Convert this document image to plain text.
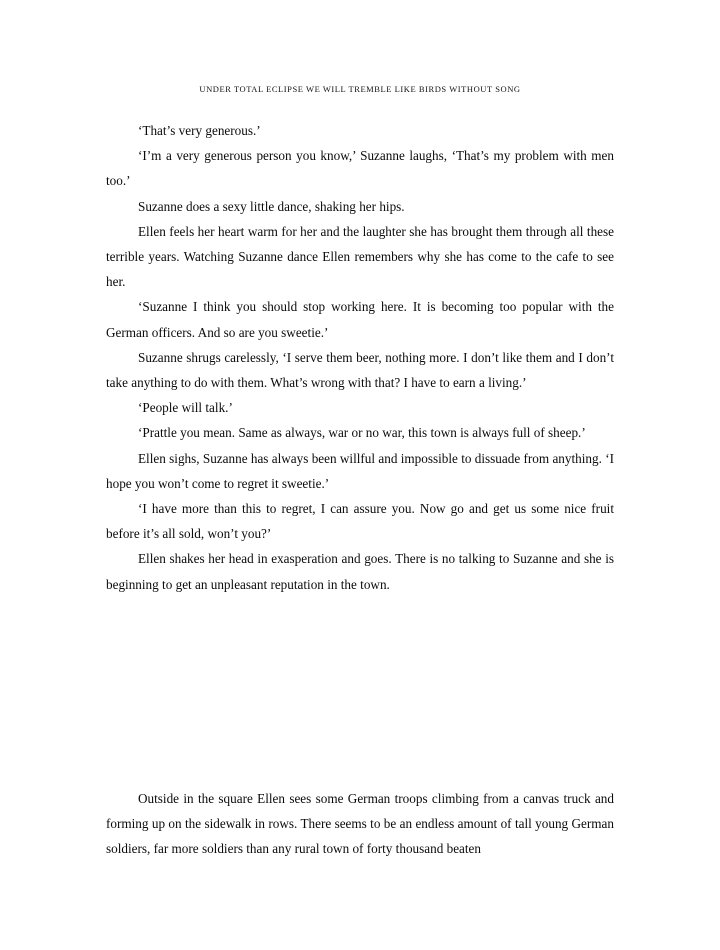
UNDER TOTAL ECLIPSE WE WILL TREMBLE LIKE BIRDS WITHOUT SONG

‘That’s very generous.’

‘I’m a very generous person you know,’ Suzanne laughs, ‘That’s my problem with men too.’

Suzanne does a sexy little dance, shaking her hips.

Ellen feels her heart warm for her and the laughter she has brought them through all these terrible years. Watching Suzanne dance Ellen remembers why she has come to the cafe to see her.

‘Suzanne I think you should stop working here. It is becoming too popular with the German officers. And so are you sweetie.’

Suzanne shrugs carelessly, ‘I serve them beer, nothing more. I don’t like them and I don’t take anything to do with them. What’s wrong with that? I have to earn a living.’

‘People will talk.’

‘Prattle you mean. Same as always, war or no war, this town is always full of sheep.’

Ellen sighs, Suzanne has always been willful and impossible to dissuade from anything. ‘I hope you won’t come to regret it sweetie.’

‘I have more than this to regret, I can assure you. Now go and get us some nice fruit before it’s all sold, won’t you?’

Ellen shakes her head in exasperation and goes. There is no talking to Suzanne and she is beginning to get an unpleasant reputation in the town.

Outside in the square Ellen sees some German troops climbing from a canvas truck and forming up on the sidewalk in rows. There seems to be an endless amount of tall young German soldiers, far more soldiers than any rural town of forty thousand beaten
